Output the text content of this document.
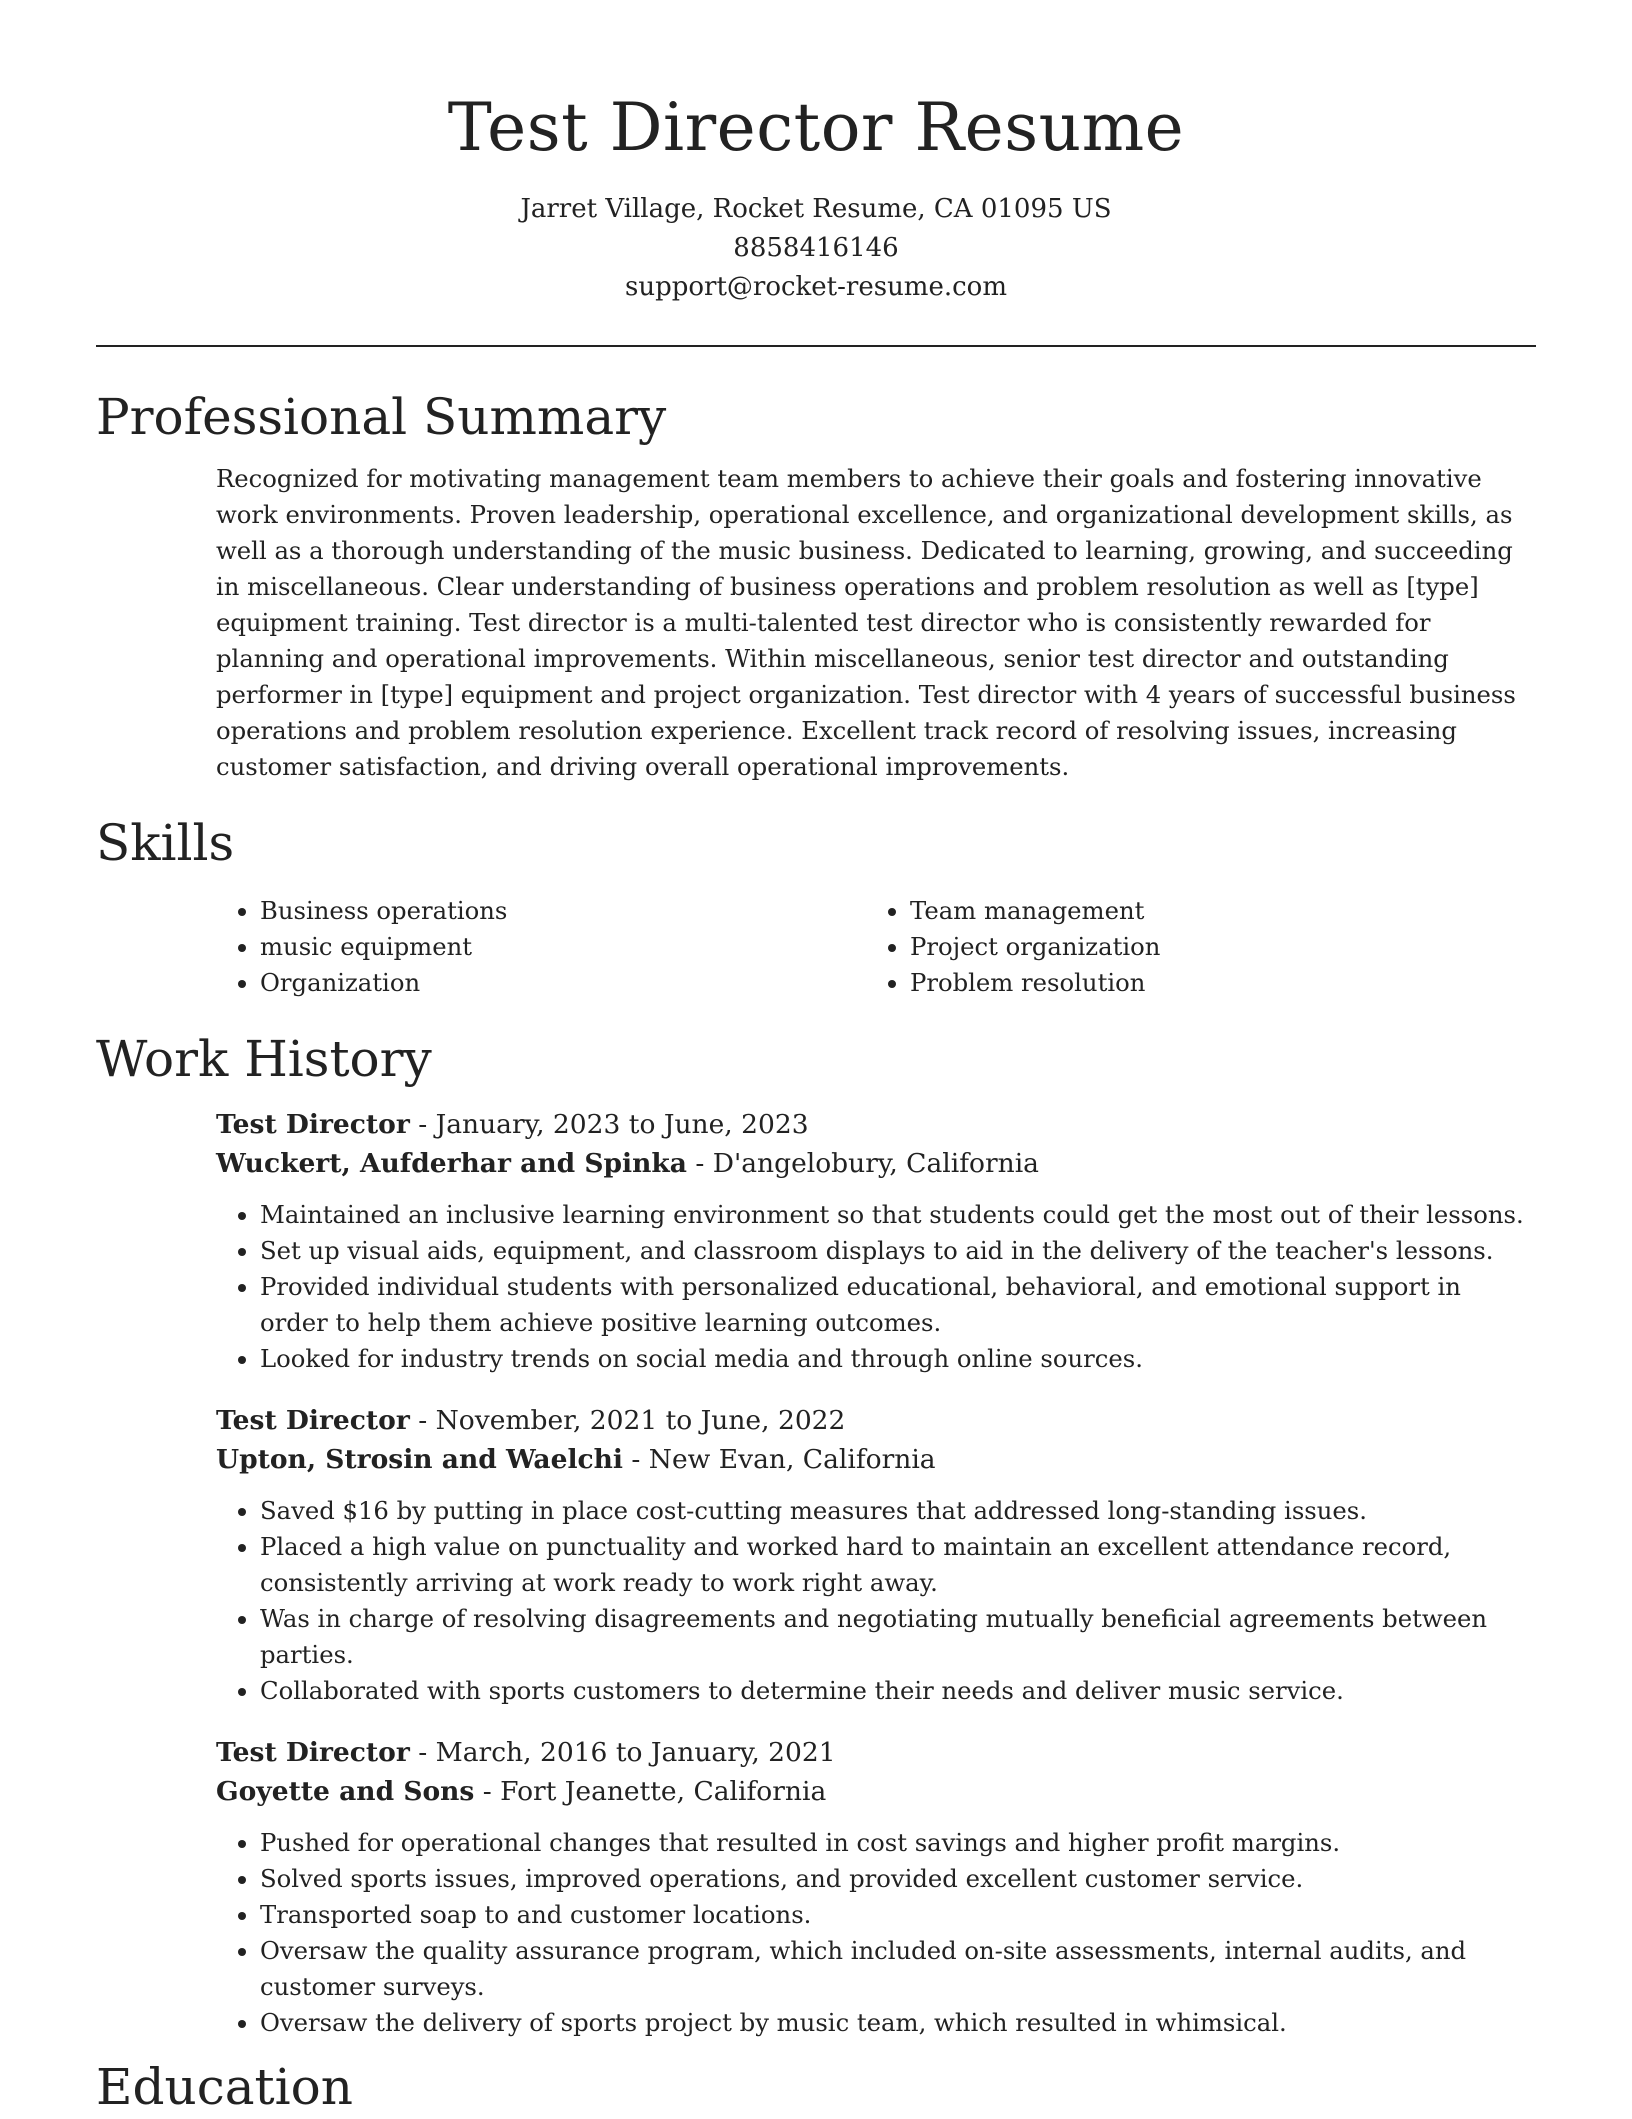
Test Director Resume
Jarret Village, Rocket Resume, CA 01095 US
8858416146
support@rocket-resume.com
Professional Summary

Recognized for motivating management team members to achieve their goals and fostering innovative work environments. Proven leadership, operational excellence, and organizational development skills, as well as a thorough understanding of the music business. Dedicated to learning, growing, and succeeding in miscellaneous. Clear understanding of business operations and problem resolution as well as [type] equipment training. Test director is a multi-talented test director who is consistently rewarded for planning and operational improvements. Within miscellaneous, senior test director and outstanding performer in [type] equipment and project organization. Test director with 4 years of successful business operations and problem resolution experience. Excellent track record of resolving issues, increasing customer satisfaction, and driving overall operational improvements.

Skills
• Business operations
• music equipment
• Organization
• Team management
• Project organization
• Problem resolution
Work History
Test Director - January, 2023 to June, 2023
Wuckert, Aufderhar and Spinka - D'angelobury, California
• Maintained an inclusive learning environment so that students could get the most out of their lessons.
• Set up visual aids, equipment, and classroom displays to aid in the delivery of the teacher's lessons.
• Provided individual students with personalized educational, behavioral, and emotional support in order to help them achieve positive learning outcomes.
• Looked for industry trends on social media and through online sources.
Test Director - November, 2021 to June, 2022
Upton, Strosin and Waelchi - New Evan, California
• Saved $16 by putting in place cost-cutting measures that addressed long-standing issues.
• Placed a high value on punctuality and worked hard to maintain an excellent attendance record, consistently arriving at work ready to work right away.
• Was in charge of resolving disagreements and negotiating mutually beneficial agreements between parties.
• Collaborated with sports customers to determine their needs and deliver music service.
Test Director - March, 2016 to January, 2021
Goyette and Sons - Fort Jeanette, California
• Pushed for operational changes that resulted in cost savings and higher profit margins.
• Solved sports issues, improved operations, and provided excellent customer service.
• Transported soap to and customer locations.
• Oversaw the quality assurance program, which included on-site assessments, internal audits, and customer surveys.
• Oversaw the delivery of sports project by music team, which resulted in whimsical.
Education
